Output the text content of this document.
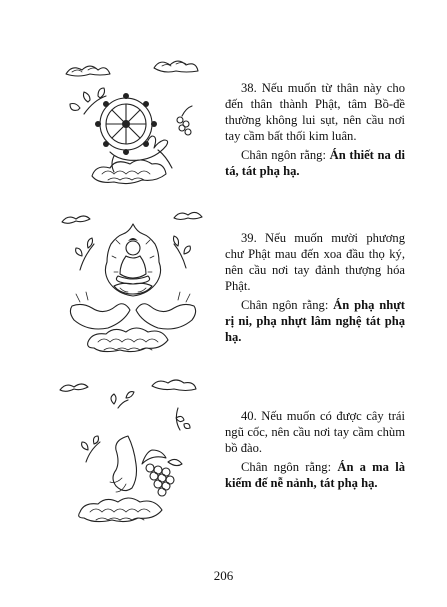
38. Nếu muốn từ thân này cho đến thân thành Phật, tâm Bồ-đề thường không lui sụt, nên cầu nơi tay cầm bất thối kim luân.

Chân ngôn rằng: Án thiết na di tá, tát phạ hạ.

39. Nếu muốn mười phương chư Phật mau đến xoa đầu thọ ký, nên cầu nơi tay đảnh thượng hóa Phật.

Chân ngôn rằng: Án phạ nhựt rị ni, phạ nhựt lâm nghệ tát phạ hạ.

40. Nếu muốn có được cây trái ngũ cốc, nên cầu nơi tay cầm chùm bồ đào.

Chân ngôn rằng: Án a ma là kiếm đế nễ nảnh, tát phạ hạ.

206
